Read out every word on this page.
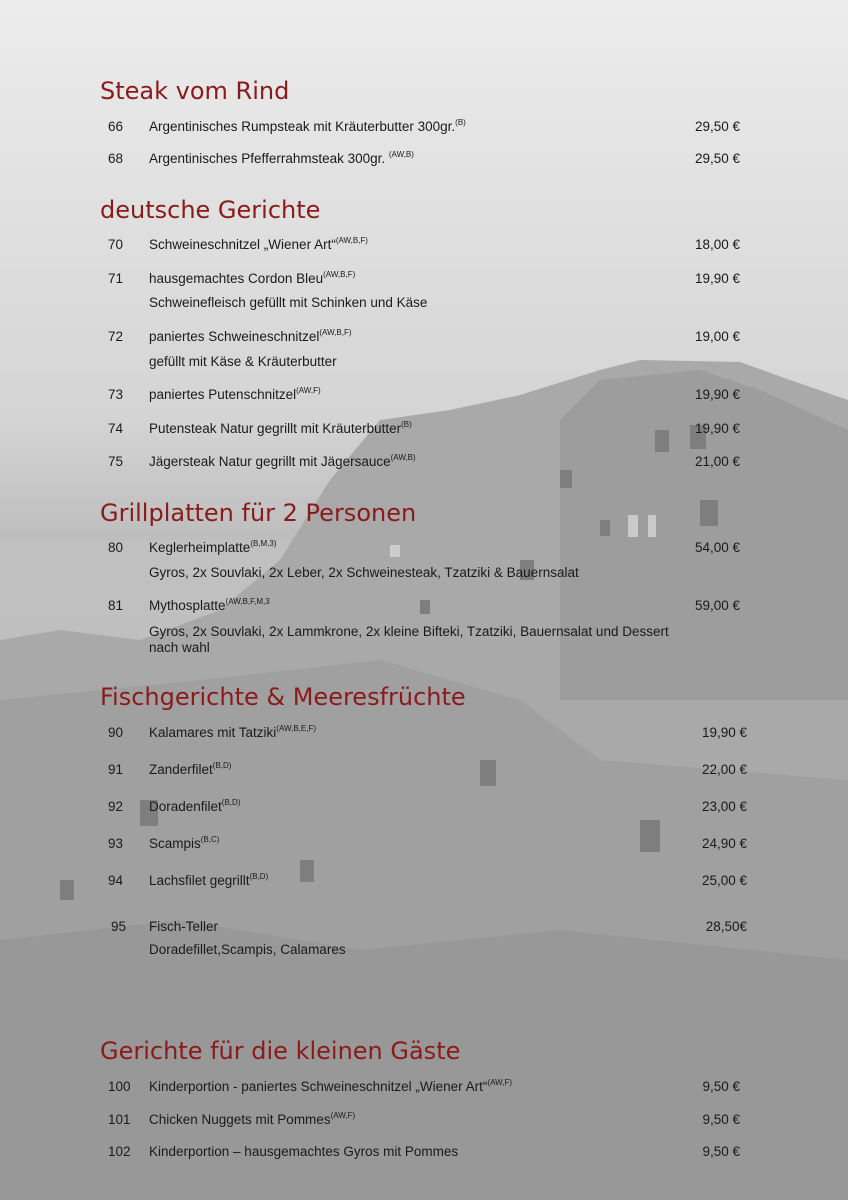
Steak vom Rind
66 Argentinisches Rumpsteak mit Kräuterbutter 300gr.$^{(B)}$	29,50 €
68 Argentinisches Pfefferrahmsteak 300gr. $^{(AW,B)}$	29,50 €
deutsche Gerichte
70 Schweineschnitzel „Wiener Art“$^{(AW,B,F)}$	18,00 €
71 hausgemachtes Cordon Bleu$^{(AW,B,F)}$	19,90 €
Schweinefleisch gefüllt mit Schinken und Käse
72 paniertes Schweineschnitzel$^{(AW,B,F)}$	19,00 €
gefüllt mit Käse & Kräuterbutter
73 paniertes Putenschnitzel$^{(AW,F)}$	19,90 €
74 Putensteak Natur gegrillt mit Kräuterbutter$^{(B)}$	19,90 €
75 Jägersteak Natur gegrillt mit Jägersauce$^{(AW,B)}$	21,00 €
Grillplatten für 2 Personen
80 Keglerheimplatte$^{(B,M,3)}$	54,00 €
Gyros, 2x Souvlaki, 2x Leber, 2x Schweinesteak, Tzatziki & Bauernsalat
81 Mythosplatte$^{(AW,B,F,M,3}$	59,00 €
Gyros, 2x Souvlaki, 2x Lammkrone, 2x kleine Bifteki, Tzatziki, Bauernsalat und Dessert nach wahl
Fischgerichte & Meeresfrüchte
90 Kalamares mit Tatziki$^{(AW,B,E,F)}$	19,90 €
91 Zanderfilet$^{(B,D)}$	22,00 €
92 Doradenfilet$^{(B,D)}$	23,00 €
93 Scampis$^{(B,C)}$	24,90 €
94 Lachsfilet gegrillt$^{(B,D)}$	25,00 €
95 Fisch-Teller	28,50€
Doradefillet,Scampis, Calamares
Gerichte für die kleinen Gäste
100 Kinderportion - paniertes Schweineschnitzel „Wiener Art“$^{(AW,F)}$	9,50 €
101 Chicken Nuggets mit Pommes$^{(AW,F)}$	9,50 €
102 Kinderportion – hausgemachtes Gyros mit Pommes	9,50 €
